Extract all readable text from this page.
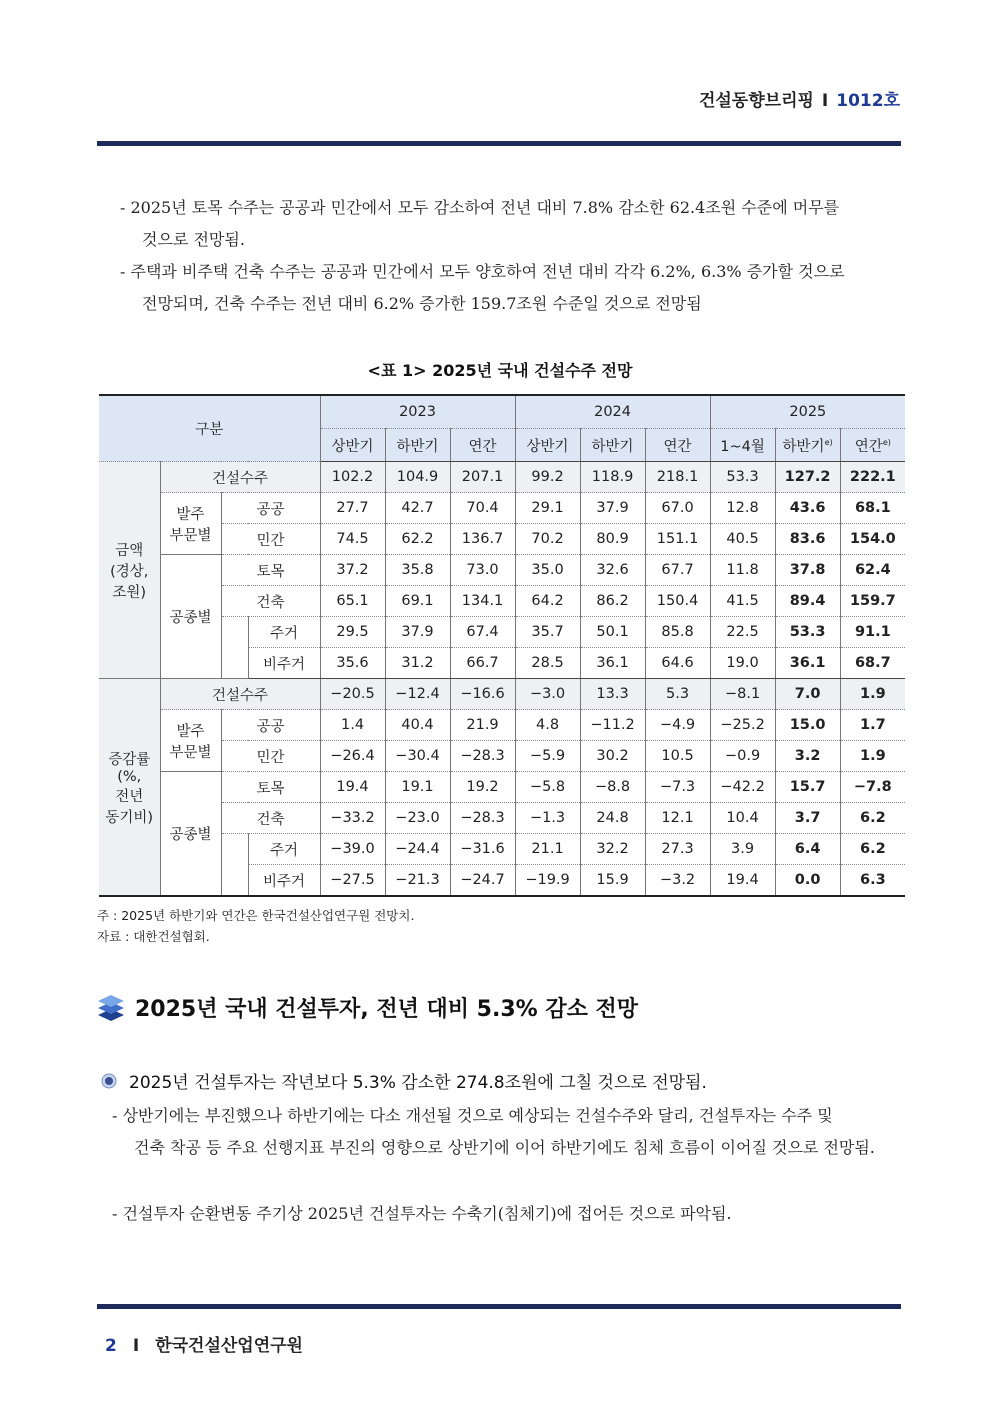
건설동향브리핑 Ⅰ 1012호
- 2025년 토목 수주는 공공과 민간에서 모두 감소하여 전년 대비 7.8% 감소한 62.4조원 수준에 머무를
것으로 전망됨.
- 주택과 비주택 건축 수주는 공공과 민간에서 모두 양호하여 전년 대비 각각 6.2%, 6.3% 증가할 것으로
전망되며, 건축 수주는 전년 대비 6.2% 증가한 159.7조원 수준일 것으로 전망됨
<표 1> 2025년 국내 건설수주 전망
구분				2023			2024			2025		
				상반기	하반기	연간	상반기	하반기	연간	1~4월	하반기$^{e)}$	연간$^{e)}$
금액
(경상,
조원)	건설수주			102.2	104.9	207.1	99.2	118.9	218.1	53.3	127.2	222.1
	발주
부문별	공공		27.7	42.7	70.4	29.1	37.9	67.0	12.8	43.6	68.1
		민간		74.5	62.2	136.7	70.2	80.9	151.1	40.5	83.6	154.0
	공종별	토목		37.2	35.8	73.0	35.0	32.6	67.7	11.8	37.8	62.4
		건축		65.1	69.1	134.1	64.2	86.2	150.4	41.5	89.4	159.7
			주거	29.5	37.9	67.4	35.7	50.1	85.8	22.5	53.3	91.1
			비주거	35.6	31.2	66.7	28.5	36.1	64.6	19.0	36.1	68.7
증감률
(%,
전년
동기비)	건설수주			−20.5	−12.4	−16.6	−3.0	13.3	5.3	−8.1	7.0	1.9
	발주
부문별	공공		1.4	40.4	21.9	4.8	−11.2	−4.9	−25.2	15.0	1.7
		민간		−26.4	−30.4	−28.3	−5.9	30.2	10.5	−0.9	3.2	1.9
	공종별	토목		19.4	19.1	19.2	−5.8	−8.8	−7.3	−42.2	15.7	−7.8
		건축		−33.2	−23.0	−28.3	−1.3	24.8	12.1	10.4	3.7	6.2
			주거	−39.0	−24.4	−31.6	21.1	32.2	27.3	3.9	6.4	6.2
			비주거	−27.5	−21.3	−24.7	−19.9	15.9	−3.2	19.4	0.0	6.3
주 : 2025년 하반기와 연간은 한국건설산업연구원 전망치.
자료 : 대한건설협회.
2025년 국내 건설투자, 전년 대비 5.3% 감소 전망
2025년 건설투자는 작년보다 5.3% 감소한 274.8조원에 그칠 것으로 전망됨.
- 상반기에는 부진했으나 하반기에는 다소 개선될 것으로 예상되는 건설수주와 달리, 건설투자는 수주 및
건축 착공 등 주요 선행지표 부진의 영향으로 상반기에 이어 하반기에도 침체 흐름이 이어질 것으로 전망됨.
- 건설투자 순환변동 주기상 2025년 건설투자는 수축기(침체기)에 접어든 것으로 파악됨.
2 Ⅰ 한국건설산업연구원
